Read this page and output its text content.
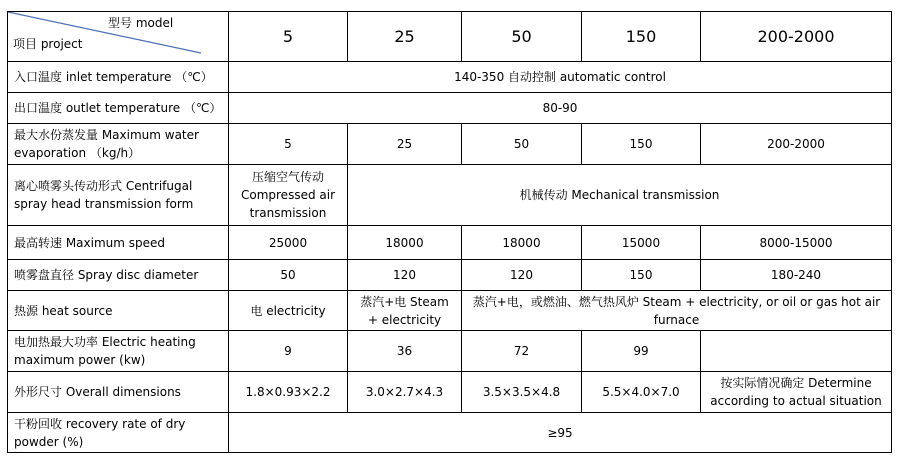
型号 model
项目 project	5	25	50	150	200-2000
入口温度 inlet temperature （℃）	140-350 自动控制 automatic control				
出口温度 outlet temperature （℃）	80-90				
最大水份蒸发量 Maximum water evaporation （kg/h）	5	25	50	150	200-2000
离心喷雾头传动形式 Centrifugal spray head transmission form	压缩空气传动 Compressed air transmission	机械传动 Mechanical transmission			
最高转速 Maximum speed	25000	18000	18000	15000	8000-15000
喷雾盘直径 Spray disc diameter	50	120	120	150	180-240
热源 heat source	电 electricity	蒸汽+电 Steam + electricity	蒸汽+电，或燃油、燃气热风炉 Steam + electricity, or oil or gas hot air furnace		
电加热最大功率 Electric heating maximum power (kw)	9	36	72	99	
外形尺寸 Overall dimensions	1.8×0.93×2.2	3.0×2.7×4.3	3.5×3.5×4.8	5.5×4.0×7.0	按实际情况确定 Determine according to actual situation
干粉回收 recovery rate of dry powder (%)	≥95				
